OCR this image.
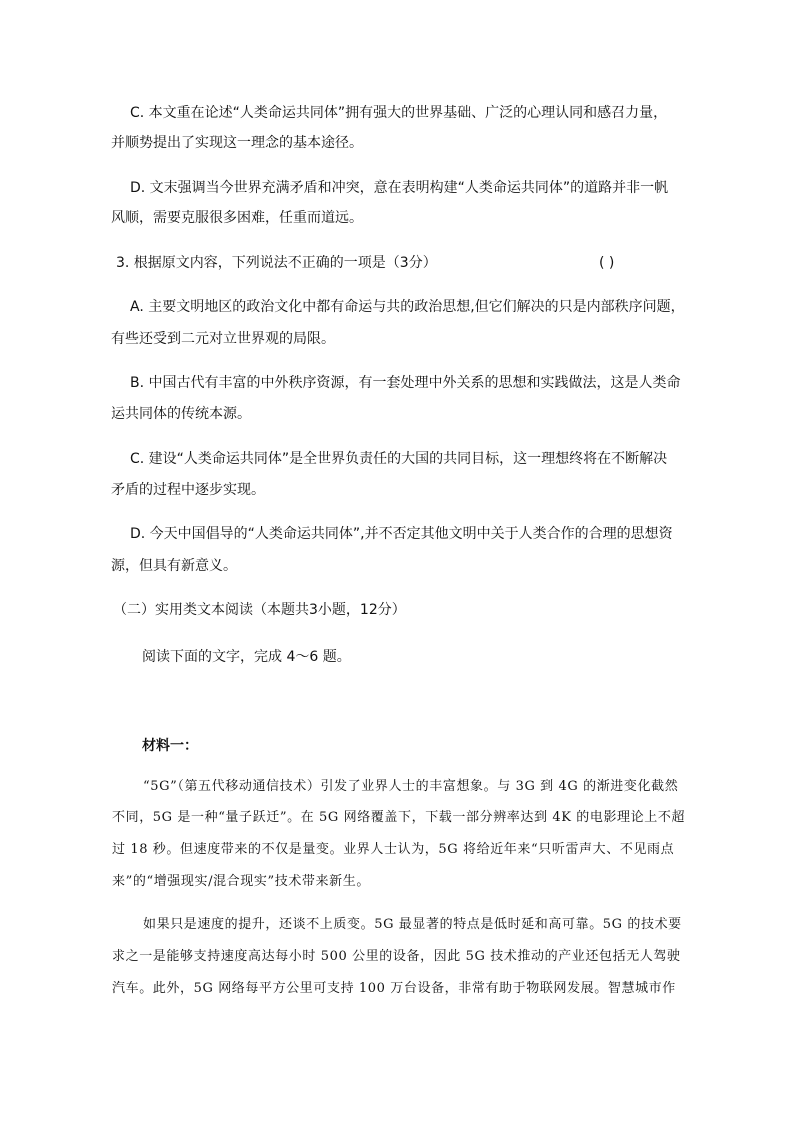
C. 本文重在论述“人类命运共同体”拥有强大的世界基础、广泛的心理认同和感召力量，
并顺势提出了实现这一理念的基本途径。
D. 文末强调当今世界充满矛盾和冲突，意在表明构建“人类命运共同体”的道路并非一帆
风顺，需要克服很多困难，任重而道远。
3. 根据原文内容，下列说法不正确的一项是（3分）	( )
A. 主要文明地区的政治文化中都有命运与共的政治思想,但它们解决的只是内部秩序问题，
有些还受到二元对立世界观的局限。
B. 中国古代有丰富的中外秩序资源，有一套处理中外关系的思想和实践做法，这是人类命
运共同体的传统本源。
C. 建设“人类命运共同体”是全世界负责任的大国的共同目标，这一理想终将在不断解决
矛盾的过程中逐步实现。
D. 今天中国倡导的“人类命运共同体”,并不否定其他文明中关于人类合作的合理的思想资
源，但具有新意义。
（二）实用类文本阅读（本题共3小题，12分）
阅读下面的文字，完成 4～6 题。
材料一：
“5G”（第五代移动通信技术）引发了业界人士的丰富想象。与 3G 到 4G 的渐进变化截然
不同，5G 是一种“量子跃迁”。在 5G 网络覆盖下，下载一部分辨率达到 4K 的电影理论上不超
过 18 秒。但速度带来的不仅是量变。业界人士认为，5G 将给近年来“只听雷声大、不见雨点
来”的“增强现实/混合现实”技术带来新生。
如果只是速度的提升，还谈不上质变。5G 最显著的特点是低时延和高可靠。5G 的技术要
求之一是能够支持速度高达每小时 500 公里的设备，因此 5G 技术推动的产业还包括无人驾驶
汽车。此外，5G 网络每平方公里可支持 100 万台设备，非常有助于物联网发展。智慧城市作
